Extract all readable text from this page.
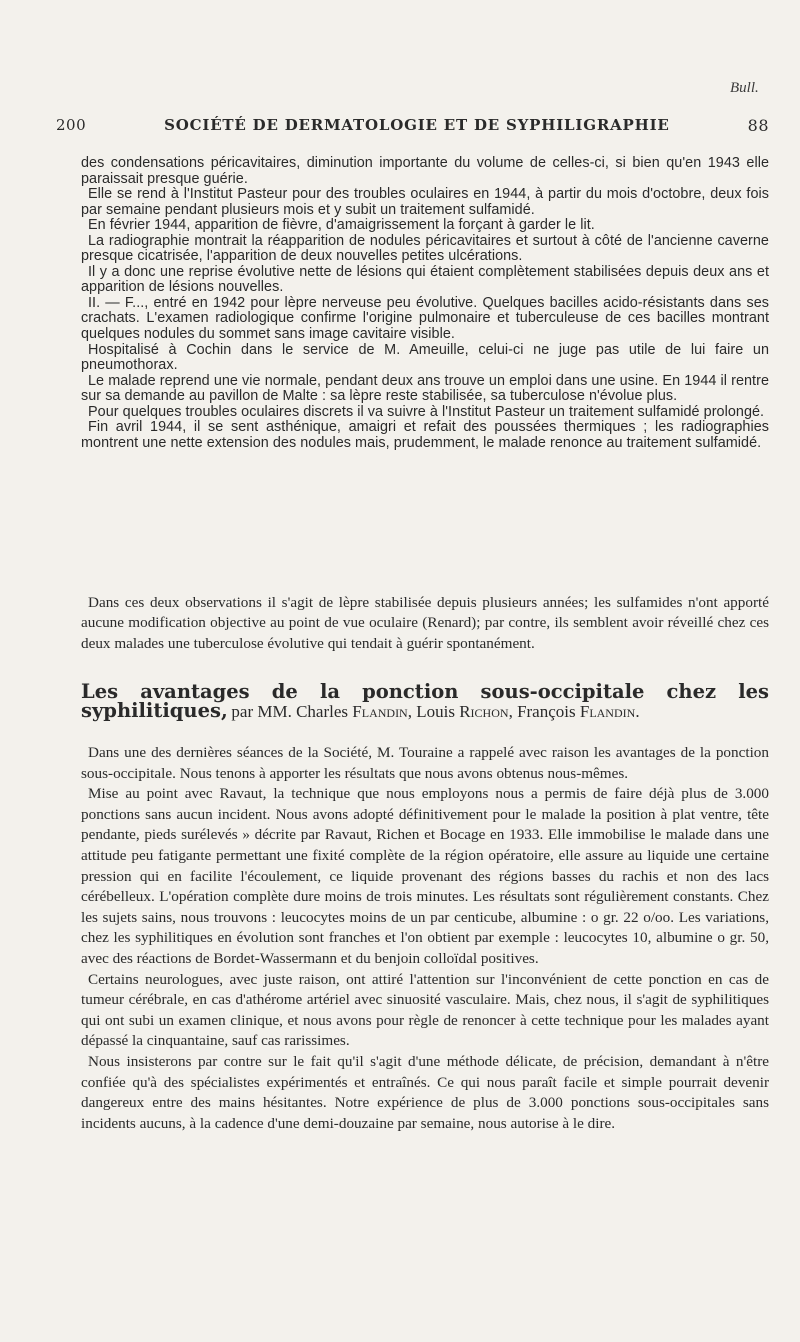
Bull.
200	SOCIÉTÉ DE DERMATOLOGIE ET DE SYPHILIGRAPHIE	88

des condensations péricavitaires, diminution importante du volume de celles-ci, si bien qu'en 1943 elle paraissait presque guérie.

Elle se rend à l'Institut Pasteur pour des troubles oculaires en 1944, à partir du mois d'octobre, deux fois par semaine pendant plusieurs mois et y subit un traitement sulfamidé.

En février 1944, apparition de fièvre, d'amaigrissement la forçant à garder le lit.

La radiographie montrait la réapparition de nodules péricavitaires et surtout à côté de l'ancienne caverne presque cicatrisée, l'apparition de deux nouvelles petites ulcérations.

Il y a donc une reprise évolutive nette de lésions qui étaient complètement stabilisées depuis deux ans et apparition de lésions nouvelles.

II. — F..., entré en 1942 pour lèpre nerveuse peu évolutive. Quelques bacilles acido-résistants dans ses crachats. L'examen radiologique confirme l'origine pulmonaire et tuberculeuse de ces bacilles montrant quelques nodules du sommet sans image cavitaire visible.

Hospitalisé à Cochin dans le service de M. Ameuille, celui-ci ne juge pas utile de lui faire un pneumothorax.

Le malade reprend une vie normale, pendant deux ans trouve un emploi dans une usine. En 1944 il rentre sur sa demande au pavillon de Malte : sa lèpre reste stabilisée, sa tuberculose n'évolue plus.

Pour quelques troubles oculaires discrets il va suivre à l'Institut Pasteur un traitement sulfamidé prolongé.

Fin avril 1944, il se sent asthénique, amaigri et refait des poussées thermiques ; les radiographies montrent une nette extension des nodules mais, prudemment, le malade renonce au traitement sulfamidé.

Dans ces deux observations il s'agit de lèpre stabilisée depuis plusieurs années; les sulfamides n'ont apporté aucune modification objective au point de vue oculaire (Renard); par contre, ils semblent avoir réveillé chez ces deux malades une tuberculose évolutive qui tendait à guérir spontanément.

Les avantages de la ponction sous-occipitale chez les syphilitiques, par MM. Charles Flandin, Louis Richon, François Flandin.

Dans une des dernières séances de la Société, M. Touraine a rappelé avec raison les avantages de la ponction sous-occipitale. Nous tenons à apporter les résultats que nous avons obtenus nous-mêmes.

Mise au point avec Ravaut, la technique que nous employons nous a permis de faire déjà plus de 3.000 ponctions sans aucun incident. Nous avons adopté définitivement pour le malade la position à plat ventre, tête pendante, pieds surélevés » décrite par Ravaut, Richen et Bocage en 1933. Elle immobilise le malade dans une attitude peu fatigante permettant une fixité complète de la région opératoire, elle assure au liquide une certaine pression qui en facilite l'écoulement, ce liquide provenant des régions basses du rachis et non des lacs cérébelleux. L'opération complète dure moins de trois minutes. Les résultats sont régulièrement constants. Chez les sujets sains, nous trouvons : leucocytes moins de un par centicube, albumine : o gr. 22 o/oo. Les variations, chez les syphilitiques en évolution sont franches et l'on obtient par exemple : leucocytes 10, albumine o gr. 50, avec des réactions de Bordet-Wassermann et du benjoin colloïdal positives.

Certains neurologues, avec juste raison, ont attiré l'attention sur l'inconvénient de cette ponction en cas de tumeur cérébrale, en cas d'athérome artériel avec sinuosité vasculaire. Mais, chez nous, il s'agit de syphilitiques qui ont subi un examen clinique, et nous avons pour règle de renoncer à cette technique pour les malades ayant dépassé la cinquantaine, sauf cas rarissimes.

Nous insisterons par contre sur le fait qu'il s'agit d'une méthode délicate, de précision, demandant à n'être confiée qu'à des spécialistes expérimentés et entraînés. Ce qui nous paraît facile et simple pourrait devenir dangereux entre des mains hésitantes. Notre expérience de plus de 3.000 ponctions sous-occipitales sans incidents aucuns, à la cadence d'une demi-douzaine par semaine, nous autorise à le dire.
